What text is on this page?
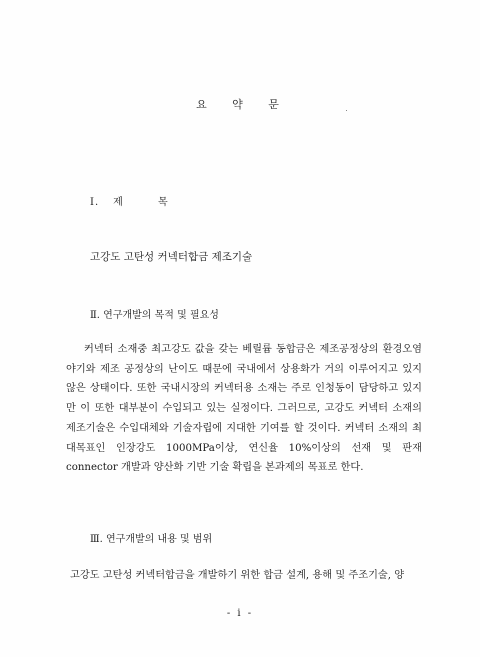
요 약 문
Ⅰ. 제 목
고강도 고탄성 커넥터합금 제조기술
Ⅱ. 연구개발의 목적 및 필요성
커넥터 소재중 최고강도 값을 갖는 베릴륨 동합금은 제조공정상의 환경오염 야기와 제조 공정상의 난이도 때문에 국내에서 상용화가 거의 이루어지고 있지 않은 상태이다. 또한 국내시장의 커넥터용 소재는 주로 인청동이 담당하고 있지만 이 또한 대부분이 수입되고 있는 실정이다. 그러므로, 고강도 커넥터 소재의 제조기술은 수입대체와 기술자립에 지대한 기여를 할 것이다. 커넥터 소재의 최대목표인 인장강도 1000MPa이상, 연신율 10%이상의 선재 및 판재 connector 개발과 양산화 기반 기술 확립을 본과제의 목표로 한다.
Ⅲ. 연구개발의 내용 및 범위
고강도 고탄성 커넥터합금을 개발하기 위한 합금 설계, 용해 및 주조기술, 양
- i -
